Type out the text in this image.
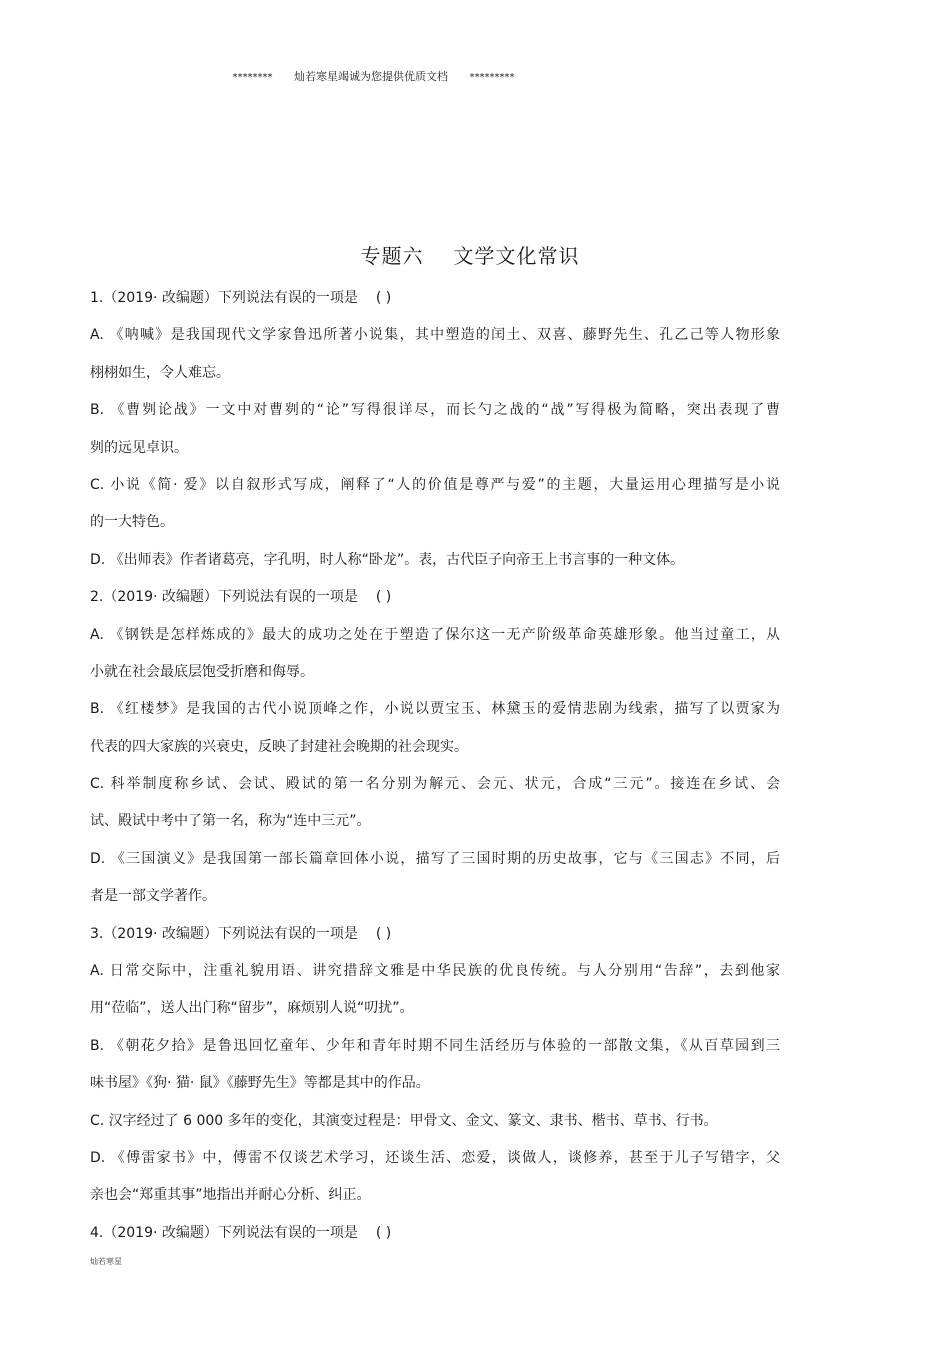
******** 灿若寒星竭诚为您提供优质文档 *********
专题六 文学文化常识
1.（2019· 改编题）下列说法有误的一项是 ( )
A. 《呐喊》是我国现代文学家鲁迅所著小说集，其中塑造的闰土、双喜、藤野先生、孔乙己等人物形象
栩栩如生，令人难忘。
B. 《曹刿论战》一文中对曹刿的“论”写得很详尽，而长勺之战的“战”写得极为简略，突出表现了曹
刿的远见卓识。
C. 小说《简· 爱》以自叙形式写成，阐释了“人的价值是尊严与爱”的主题，大量运用心理描写是小说
的一大特色。
D. 《出师表》作者诸葛亮，字孔明，时人称“卧龙”。表，古代臣子向帝王上书言事的一种文体。
2.（2019· 改编题）下列说法有误的一项是 ( )
A. 《钢铁是怎样炼成的》最大的成功之处在于塑造了保尔这一无产阶级革命英雄形象。他当过童工，从
小就在社会最底层饱受折磨和侮辱。
B. 《红楼梦》是我国的古代小说顶峰之作，小说以贾宝玉、林黛玉的爱情悲剧为线索，描写了以贾家为
代表的四大家族的兴衰史，反映了封建社会晚期的社会现实。
C. 科举制度称乡试、会试、殿试的第一名分别为解元、会元、状元，合成“三元”。接连在乡试、会
试、殿试中考中了第一名，称为“连中三元”。
D. 《三国演义》是我国第一部长篇章回体小说，描写了三国时期的历史故事，它与《三国志》不同，后
者是一部文学著作。
3.（2019· 改编题）下列说法有误的一项是 ( )
A. 日常交际中，注重礼貌用语、讲究措辞文雅是中华民族的优良传统。与人分别用“告辞”，去到他家
用“莅临”，送人出门称“留步”，麻烦别人说“叨扰”。
B. 《朝花夕拾》是鲁迅回忆童年、少年和青年时期不同生活经历与体验的一部散文集，《从百草园到三
味书屋》《狗· 猫· 鼠》《藤野先生》等都是其中的作品。
C. 汉字经过了 6 000 多年的变化，其演变过程是：甲骨文、金文、篆文、隶书、楷书、草书、行书。
D. 《傅雷家书》中，傅雷不仅谈艺术学习，还谈生活、恋爱，谈做人，谈修养，甚至于儿子写错字，父
亲也会“郑重其事”地指出并耐心分析、纠正。
4.（2019· 改编题）下列说法有误的一项是 ( )
灿若寒星
